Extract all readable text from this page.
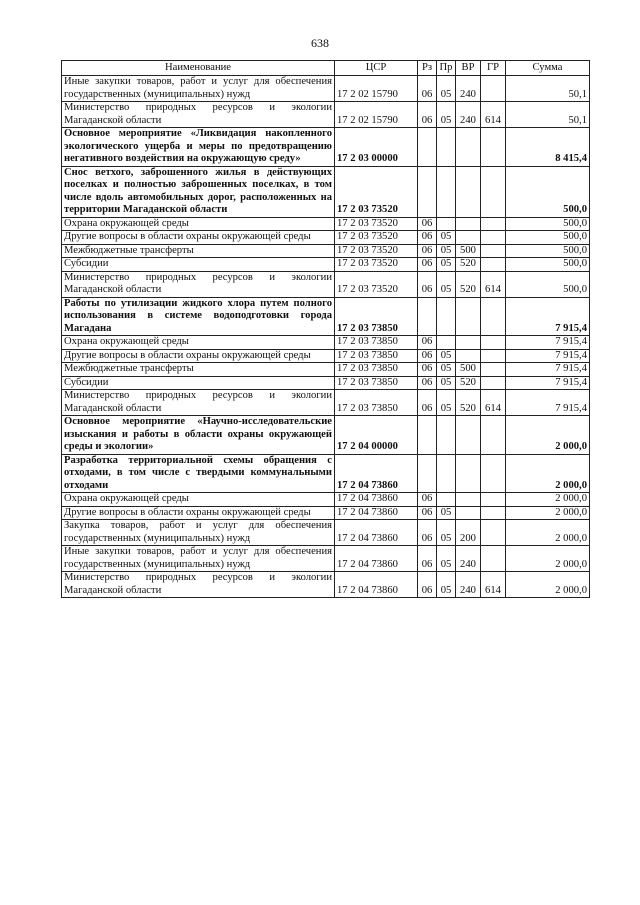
638
Наименование	ЦСР	Рз	Пр	ВР	ГР	Сумма
Иные закупки товаров, работ и услуг для обеспечения государственных (муниципальных) нужд	17 2 02 15790	06	05	240		50,1
Министерство природных ресурсов и экологии Магаданской области	17 2 02 15790	06	05	240	614	50,1
Основное мероприятие «Ликвидация накопленного экологического ущерба и меры по предотвращению негативного воздействия на окружающую среду»	17 2 03 00000					8 415,4
Снос ветхого, заброшенного жилья в действующих поселках и полностью заброшенных поселках, в том числе вдоль автомобильных дорог, расположенных на территории Магаданской области	17 2 03 73520					500,0
Охрана окружающей среды	17 2 03 73520	06				500,0
Другие вопросы в области охраны окружающей среды	17 2 03 73520	06	05			500,0
Межбюджетные трансферты	17 2 03 73520	06	05	500		500,0
Субсидии	17 2 03 73520	06	05	520		500,0
Министерство природных ресурсов и экологии Магаданской области	17 2 03 73520	06	05	520	614	500,0
Работы по утилизации жидкого хлора путем полного использования в системе водоподготовки города Магадана	17 2 03 73850					7 915,4
Охрана окружающей среды	17 2 03 73850	06				7 915,4
Другие вопросы в области охраны окружающей среды	17 2 03 73850	06	05			7 915,4
Межбюджетные трансферты	17 2 03 73850	06	05	500		7 915,4
Субсидии	17 2 03 73850	06	05	520		7 915,4
Министерство природных ресурсов и экологии Магаданской области	17 2 03 73850	06	05	520	614	7 915,4
Основное мероприятие «Научно-исследовательские изыскания и работы в области охраны окружающей среды и экологии»	17 2 04 00000					2 000,0
Разработка территориальной схемы обращения с отходами, в том числе с твердыми коммунальными отходами	17 2 04 73860					2 000,0
Охрана окружающей среды	17 2 04 73860	06				2 000,0
Другие вопросы в области охраны окружающей среды	17 2 04 73860	06	05			2 000,0
Закупка товаров, работ и услуг для обеспечения государственных (муниципальных) нужд	17 2 04 73860	06	05	200		2 000,0
Иные закупки товаров, работ и услуг для обеспечения государственных (муниципальных) нужд	17 2 04 73860	06	05	240		2 000,0
Министерство природных ресурсов и экологии Магаданской области	17 2 04 73860	06	05	240	614	2 000,0
